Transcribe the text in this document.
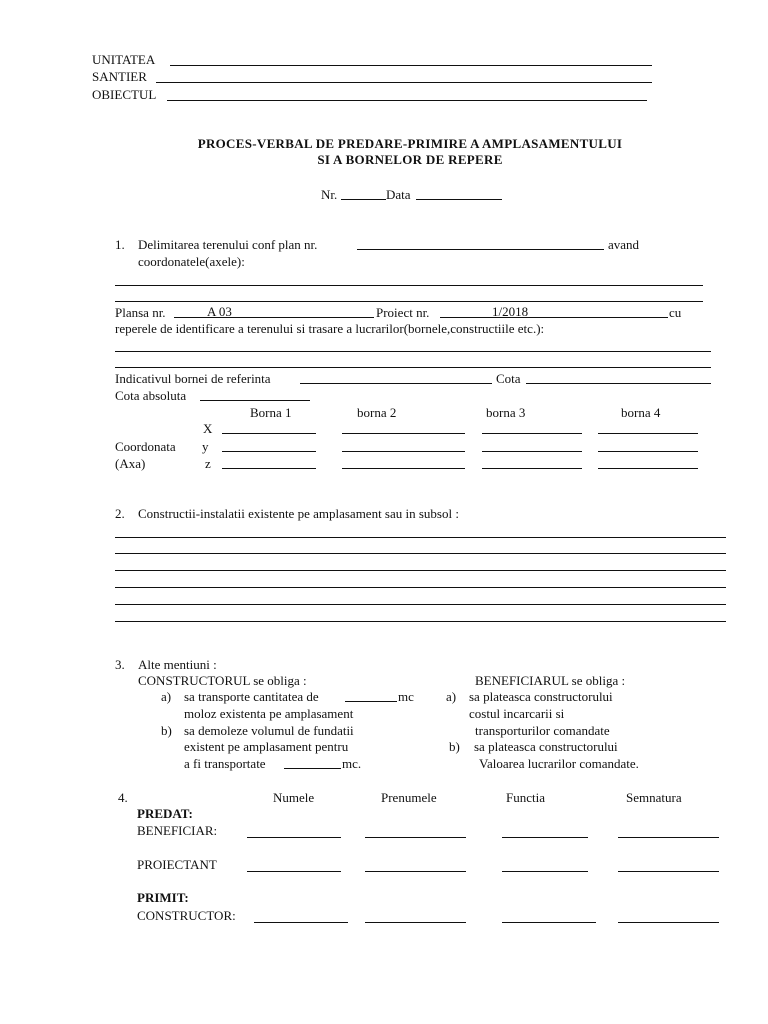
UNITATEA
SANTIER
OBIECTUL
PROCES-VERBAL DE PREDARE-PRIMIRE A AMPLASAMENTULUI
SI A BORNELOR DE REPERE
Nr.	Data
1. Delimitarea terenului conf plan nr.	avand
coordonatele(axele):
Plansa nr.	A 03	Proiect nr.	1/2018	cu
reperele de identificare a terenului si trasare a lucrarilor(bornele,constructiile etc.):
Indicativul bornei de referinta	Cota
Cota absoluta
Borna 1	borna 2	borna 3	borna 4
X
Coordonata y
(Axa)	z
2. Constructii-instalatii existente pe amplasament sau in subsol :
3. Alte mentiuni :
CONSTRUCTORUL se obliga :	BENEFICIARUL se obliga :
a) sa transporte cantitatea de	mc
moloz existenta pe amplasament
b) sa demoleze volumul de fundatii
existent pe amplasament pentru
a fi transportate	mc.
a) sa plateasca constructorului
costul incarcarii si
transporturilor comandate
b) sa plateasca constructorului
Valoarea lucrarilor comandate.
4.	Numele	Prenumele	Functia	Semnatura
PREDAT:
BENEFICIAR:
PROIECTANT
PRIMIT:
CONSTRUCTOR:
